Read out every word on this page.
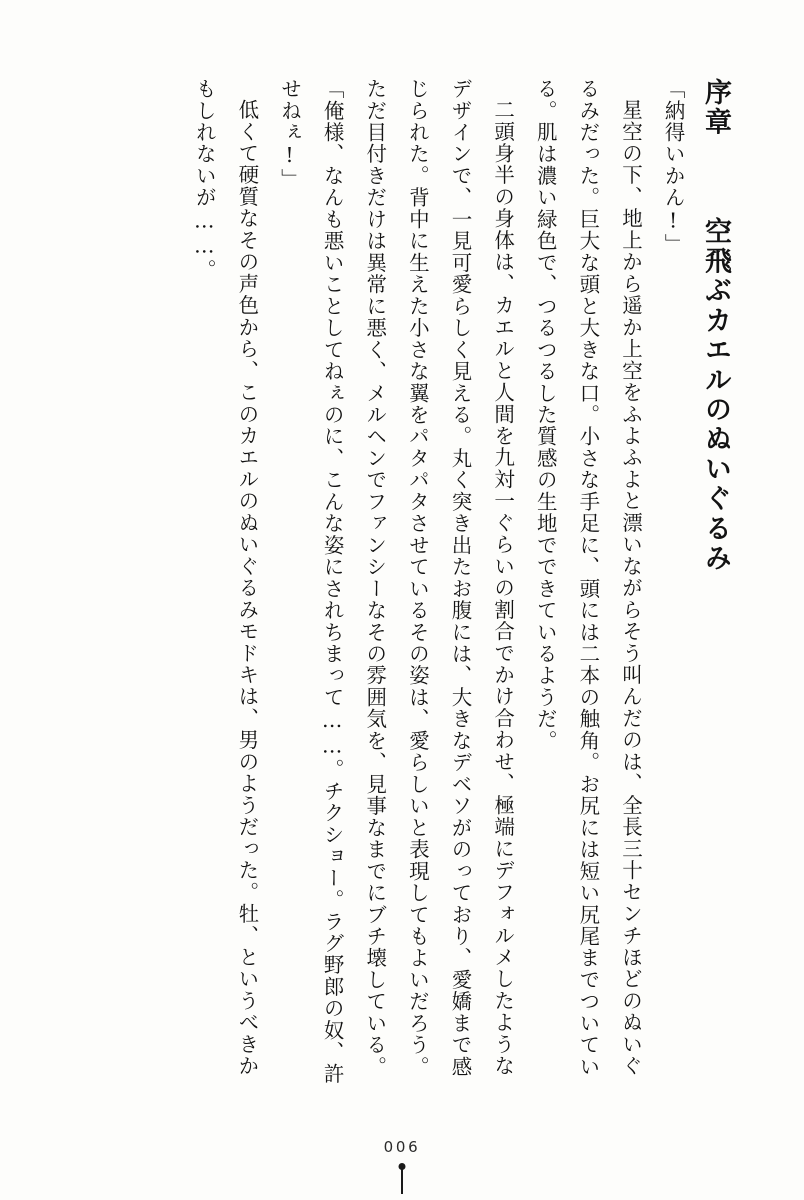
序章 　空飛ぶカエルのぬいぐるみ

「納得いかん!」

星空の下、地上から遥か上空をふよふよと漂いながらそう叫んだのは、全長三十センチほどのぬいぐるみだった。巨大な頭と大きな口。小さな手足に、頭には二本の触角。お尻には短い尻尾までついている。肌は濃い緑色で、つるつるした質感の生地でできているようだ。

二頭身半の身体は、カエルと人間を九対一ぐらいの割合でかけ合わせ、極端にデフォルメしたようなデザインで、一見可愛らしく見える。丸く突き出たお腹には、大きなデベソがのっており、愛嬌まで感じられた。背中に生えた小さな翼をパタパタさせているその姿は、愛らしいと表現してもよいだろう。ただ目付きだけは異常に悪く、メルヘンでファンシーなその雰囲気を、見事なまでにブチ壊している。

「俺様、なんも悪いことしてねぇのに、こんな姿にされちまって……。チクショー。ラグ野郎の奴、許せねぇ!」

低くて硬質なその声色から、このカエルのぬいぐるみモドキは、男のようだった。牡、というべきかもしれないが……。

006
